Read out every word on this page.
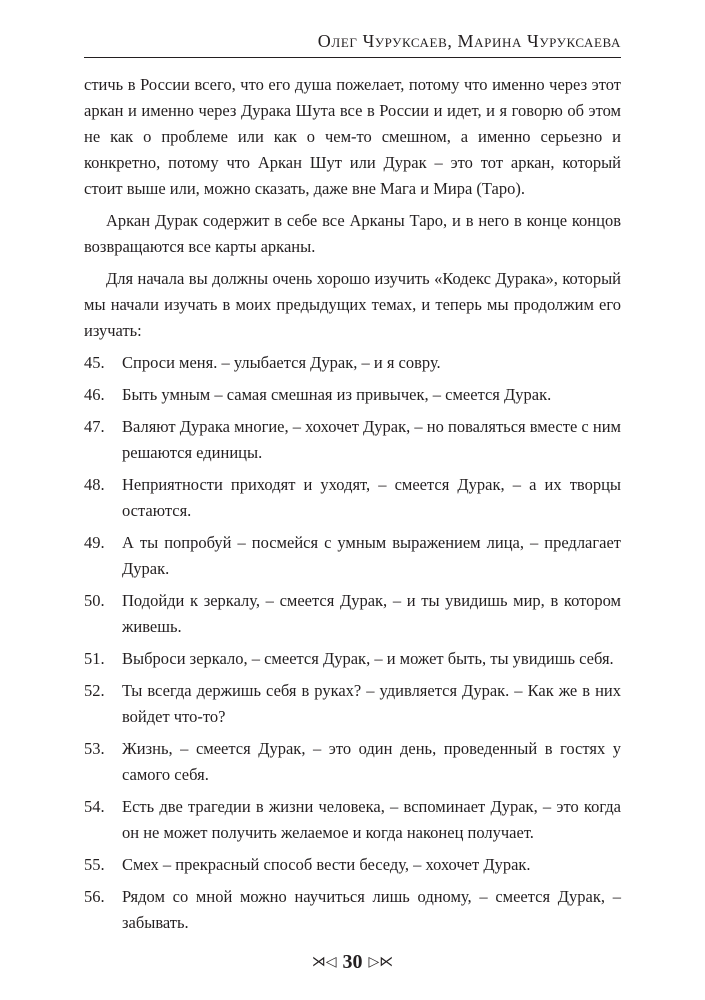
Олег Чуруксаев, Марина Чуруксаева

стичь в России всего, что его душа пожелает, потому что именно через этот аркан и именно через Дурака Шута все в России и идет, и я говорю об этом не как о проблеме или как о чем-то смешном, а именно серьезно и конкретно, потому что Аркан Шут или Дурак – это тот аркан, который стоит выше или, можно сказать, даже вне Мага и Мира (Таро).

Аркан Дурак содержит в себе все Арканы Таро, и в него в конце концов возвращаются все карты арканы.

Для начала вы должны очень хорошо изучить «Кодекс Дурака», который мы начали изучать в моих предыдущих темах, и теперь мы продолжим его изучать:

45.	Спроси меня. – улыбается Дурак, – и я совру.
46.	Быть умным – самая смешная из привычек, – смеется Дурак.
47.	Валяют Дурака многие, – хохочет Дурак, – но поваляться вместе с ним решаются единицы.
48.	Неприятности приходят и уходят, – смеется Дурак, – а их творцы остаются.
49.	А ты попробуй – посмейся с умным выражением лица, – предлагает Дурак.
50.	Подойди к зеркалу, – смеется Дурак, – и ты увидишь мир, в котором живешь.
51.	Выброси зеркало, – смеется Дурак, – и может быть, ты увидишь себя.
52.	Ты всегда держишь себя в руках? – удивляется Дурак. – Как же в них войдет что-то?
53.	Жизнь, – смеется Дурак, – это один день, проведенный в гостях у самого себя.
54.	Есть две трагедии в жизни человека, – вспоминает Дурак, – это когда он не может получить желаемое и когда наконец получает.
55.	Смех – прекрасный способ вести беседу, – хохочет Дурак.
56.	Рядом со мной можно научиться лишь одному, – смеется Дурак, – забывать.
⋊◁ 30 ▷⋉
